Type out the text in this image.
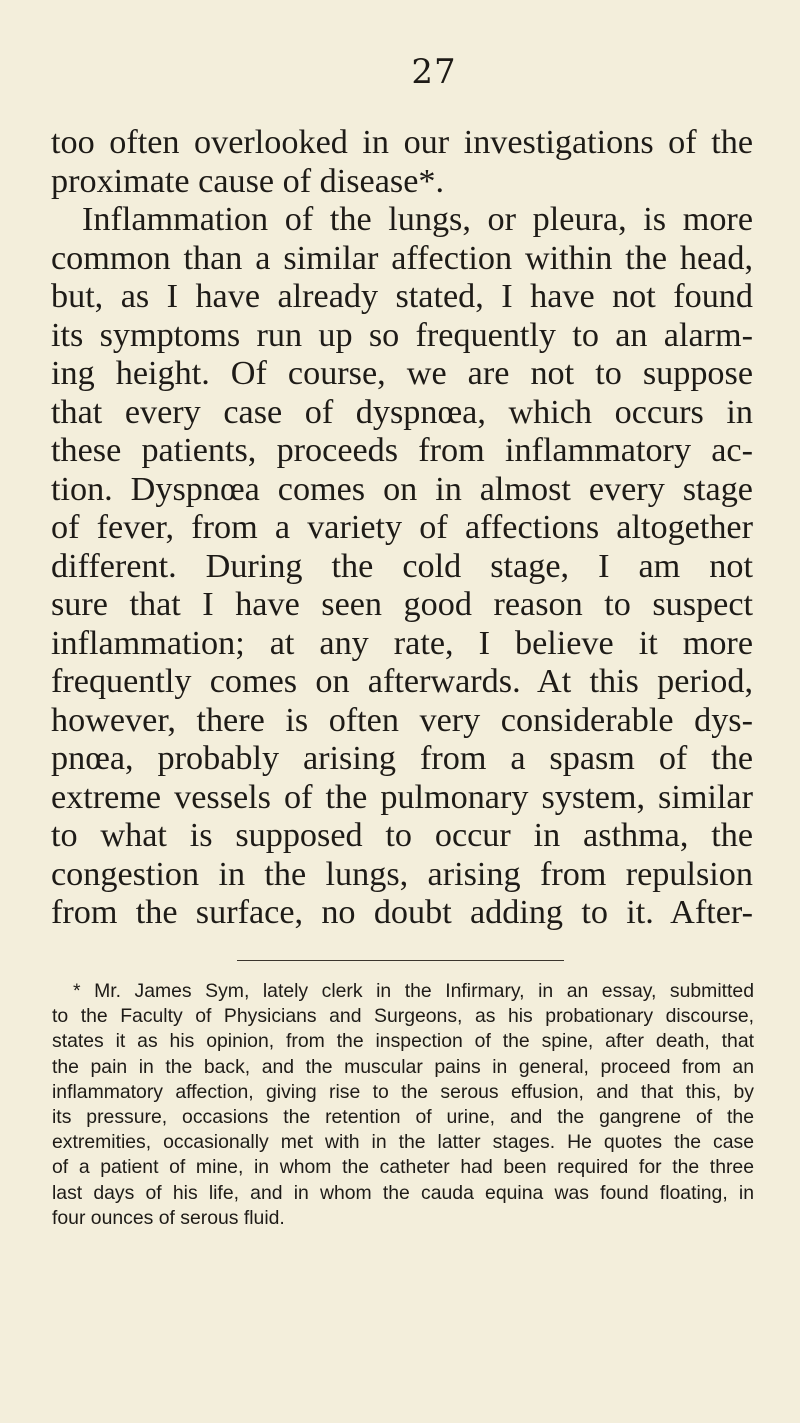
27
too often overlooked in our investigations of the
proximate cause of disease*.
Inflammation of the lungs, or pleura, is more
common than a similar affection within the head,
but, as I have already stated, I have not found
its symptoms run up so frequently to an alarm-
ing height. Of course, we are not to suppose
that every case of dyspnœa, which occurs in
these patients, proceeds from inflammatory ac-
tion. Dyspnœa comes on in almost every stage
of fever, from a variety of affections altogether
different. During the cold stage, I am not
sure that I have seen good reason to suspect
inflammation; at any rate, I believe it more
frequently comes on afterwards. At this period,
however, there is often very considerable dys-
pnœa, probably arising from a spasm of the
extreme vessels of the pulmonary system, similar
to what is supposed to occur in asthma, the
congestion in the lungs, arising from repulsion
from the surface, no doubt adding to it. After-
* Mr. James Sym, lately clerk in the Infirmary, in an essay, submitted
to the Faculty of Physicians and Surgeons, as his probationary discourse,
states it as his opinion, from the inspection of the spine, after death, that
the pain in the back, and the muscular pains in general, proceed from an
inflammatory affection, giving rise to the serous effusion, and that this, by
its pressure, occasions the retention of urine, and the gangrene of the
extremities, occasionally met with in the latter stages. He quotes the case
of a patient of mine, in whom the catheter had been required for the three
last days of his life, and in whom the cauda equina was found floating, in
four ounces of serous fluid.
